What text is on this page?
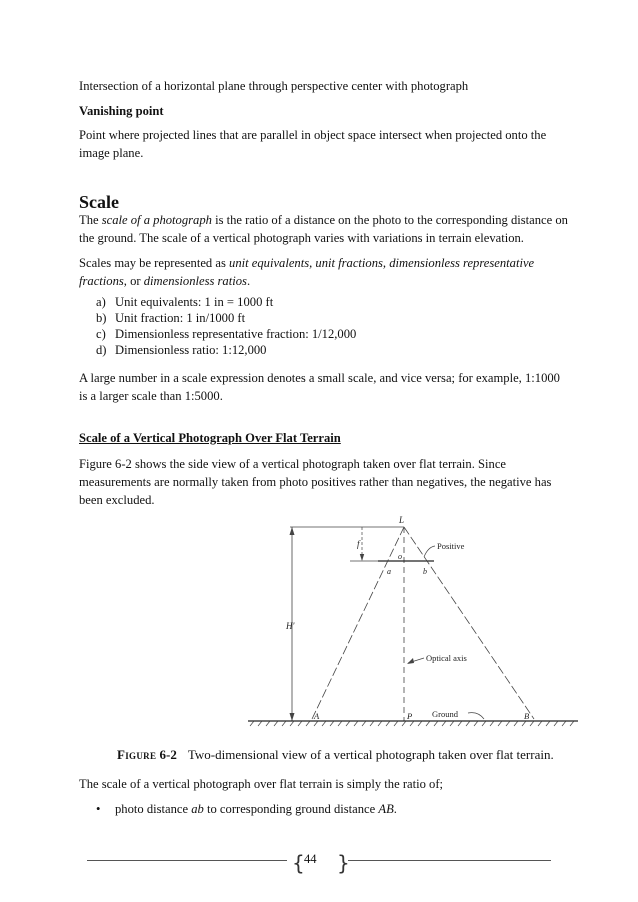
Intersection of a horizontal plane through perspective center with photograph

Vanishing point

Point where projected lines that are parallel in object space intersect when projected onto the image plane.

Scale

The scale of a photograph is the ratio of a distance on the photo to the corresponding distance on the ground. The scale of a vertical photograph varies with variations in terrain elevation.

Scales may be represented as unit equivalents, unit fractions, dimensionless representative fractions, or dimensionless ratios.

a) Unit equivalents: 1 in = 1000 ft
b) Unit fraction: 1 in/1000 ft
c) Dimensionless representative fraction: 1/12,000
d) Dimensionless ratio: 1:12,000

A large number in a scale expression denotes a small scale, and vice versa; for example, 1:1000 is a larger scale than 1:5000.

Scale of a Vertical Photograph Over Flat Terrain

Figure 6-2 shows the side view of a vertical photograph taken over flat terrain. Since measurements are normally taken from photo positives rather than negatives, the negative has been excluded.

H'
f
L
o
a	b
Positive
Optical axis
Ground
A	P	B
Figure 6-2 Two-dimensional view of a vertical photograph taken over flat terrain.

The scale of a vertical photograph over flat terrain is simply the ratio of;

• photo distance ab to corresponding ground distance AB.

{ 44 }
